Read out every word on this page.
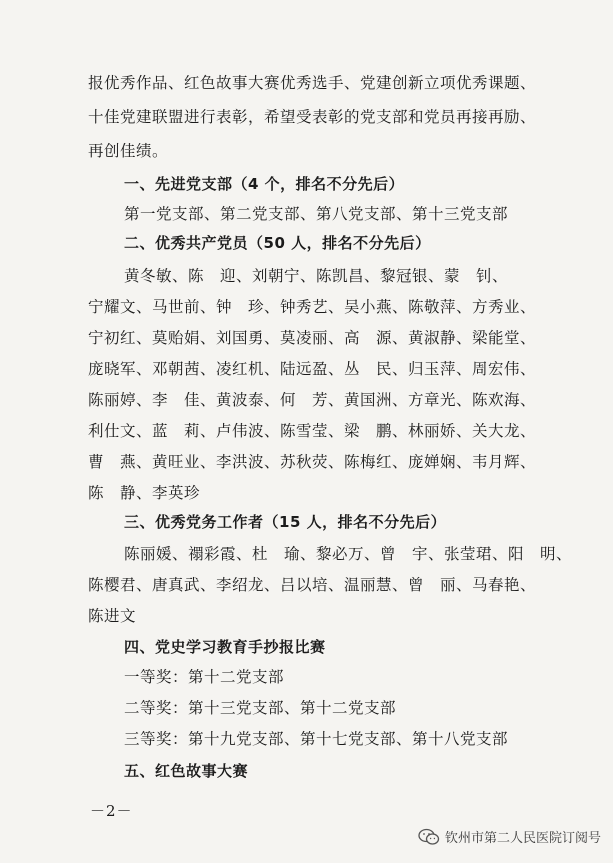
报优秀作品、红色故事大赛优秀选手、党建创新立项优秀课题、
十佳党建联盟进行表彰，希望受表彰的党支部和党员再接再励、
再创佳绩。
一、先进党支部（4 个，排名不分先后）
第一党支部、第二党支部、第八党支部、第十三党支部
二、优秀共产党员（50 人，排名不分先后）
黄冬敏、陈　迎、刘朝宁、陈凯昌、黎冠银、蒙　钊、
宁耀文、马世前、钟　珍、钟秀艺、吴小燕、陈敬萍、方秀业、
宁初红、莫贻娟、刘国勇、莫凌丽、高　源、黄淑静、梁能堂、
庞晓军、邓朝茜、凌红机、陆远盈、丛　民、归玉萍、周宏伟、
陈丽婷、李　佳、黄波泰、何　芳、黄国洲、方章光、陈欢海、
利仕文、蓝　莉、卢伟波、陈雪莹、梁　鹏、林丽娇、关大龙、
曹　燕、黄旺业、李洪波、苏秋荧、陈梅红、庞婵娴、韦月辉、
陈　静、李英珍
三、优秀党务工作者（15 人，排名不分先后）
陈丽媛、禤彩霞、杜　瑜、黎必万、曾　宇、张莹珺、阳　明、
陈樱君、唐真武、李绍龙、吕以培、温丽慧、曾　丽、马春艳、
陈进文
四、党史学习教育手抄报比赛
一等奖：第十二党支部
二等奖：第十三党支部、第十二党支部
三等奖：第十九党支部、第十七党支部、第十八党支部
五、红色故事大赛
－2－
钦州市第二人民医院订阅号
